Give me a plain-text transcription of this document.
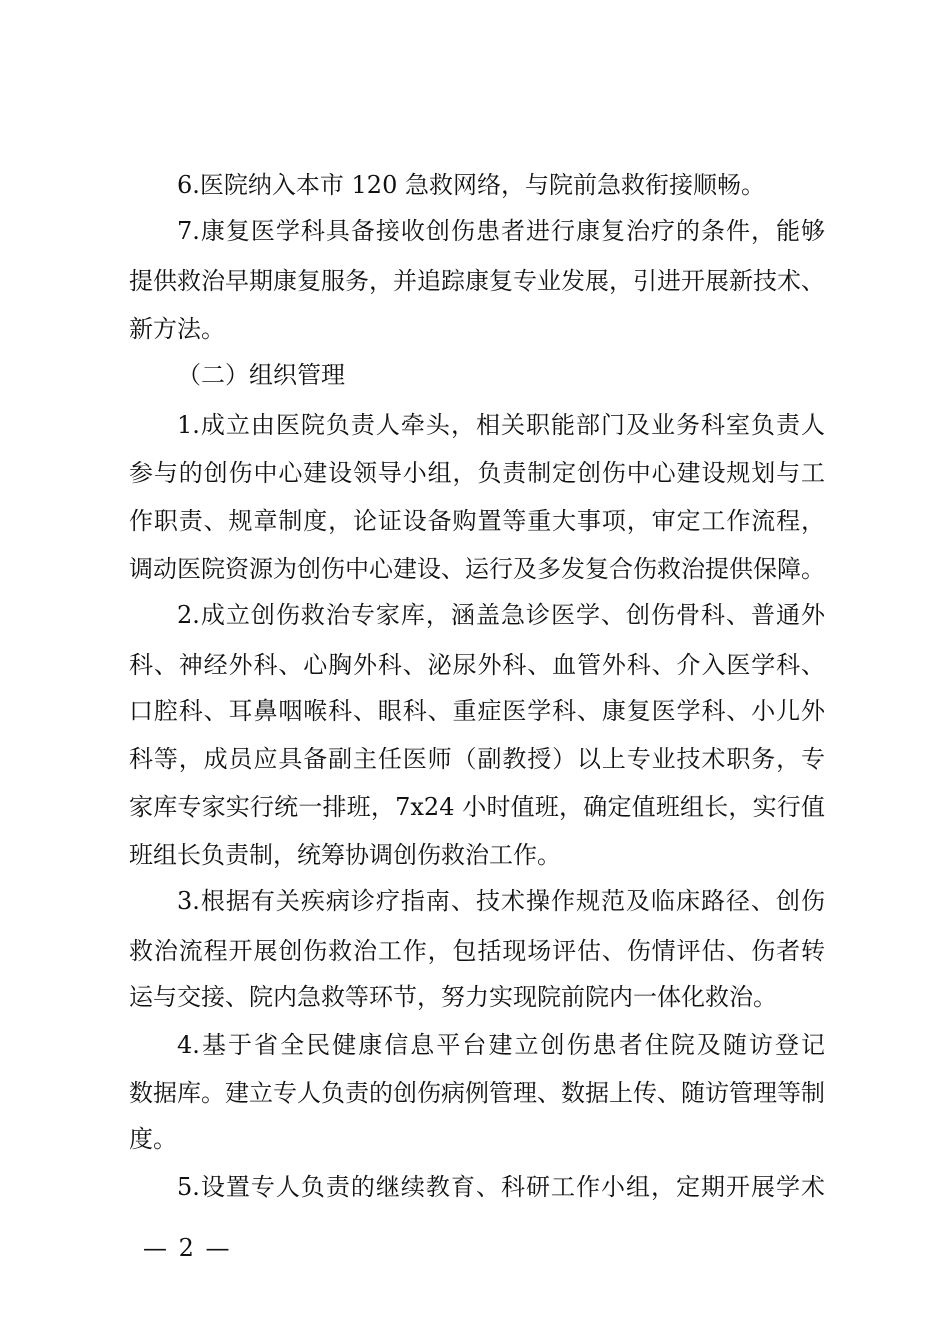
6.医院纳入本市 120 急救网络，与院前急救衔接顺畅。
7.康复医学科具备接收创伤患者进行康复治疗的条件，能够
提供救治早期康复服务，并追踪康复专业发展，引进开展新技术、
新方法。
（二）组织管理
1.成立由医院负责人牵头，相关职能部门及业务科室负责人
参与的创伤中心建设领导小组，负责制定创伤中心建设规划与工
作职责、规章制度，论证设备购置等重大事项，审定工作流程，
调动医院资源为创伤中心建设、运行及多发复合伤救治提供保障。
2.成立创伤救治专家库，涵盖急诊医学、创伤骨科、普通外
科、神经外科、心胸外科、泌尿外科、血管外科、介入医学科、
口腔科、耳鼻咽喉科、眼科、重症医学科、康复医学科、小儿外
科等，成员应具备副主任医师（副教授）以上专业技术职务，专
家库专家实行统一排班，7x24 小时值班，确定值班组长，实行值
班组长负责制，统筹协调创伤救治工作。
3.根据有关疾病诊疗指南、技术操作规范及临床路径、创伤
救治流程开展创伤救治工作，包括现场评估、伤情评估、伤者转
运与交接、院内急救等环节，努力实现院前院内一体化救治。
4.基于省全民健康信息平台建立创伤患者住院及随访登记
数据库。建立专人负责的创伤病例管理、数据上传、随访管理等制
度。
5.设置专人负责的继续教育、科研工作小组，定期开展学术
— 2 —
